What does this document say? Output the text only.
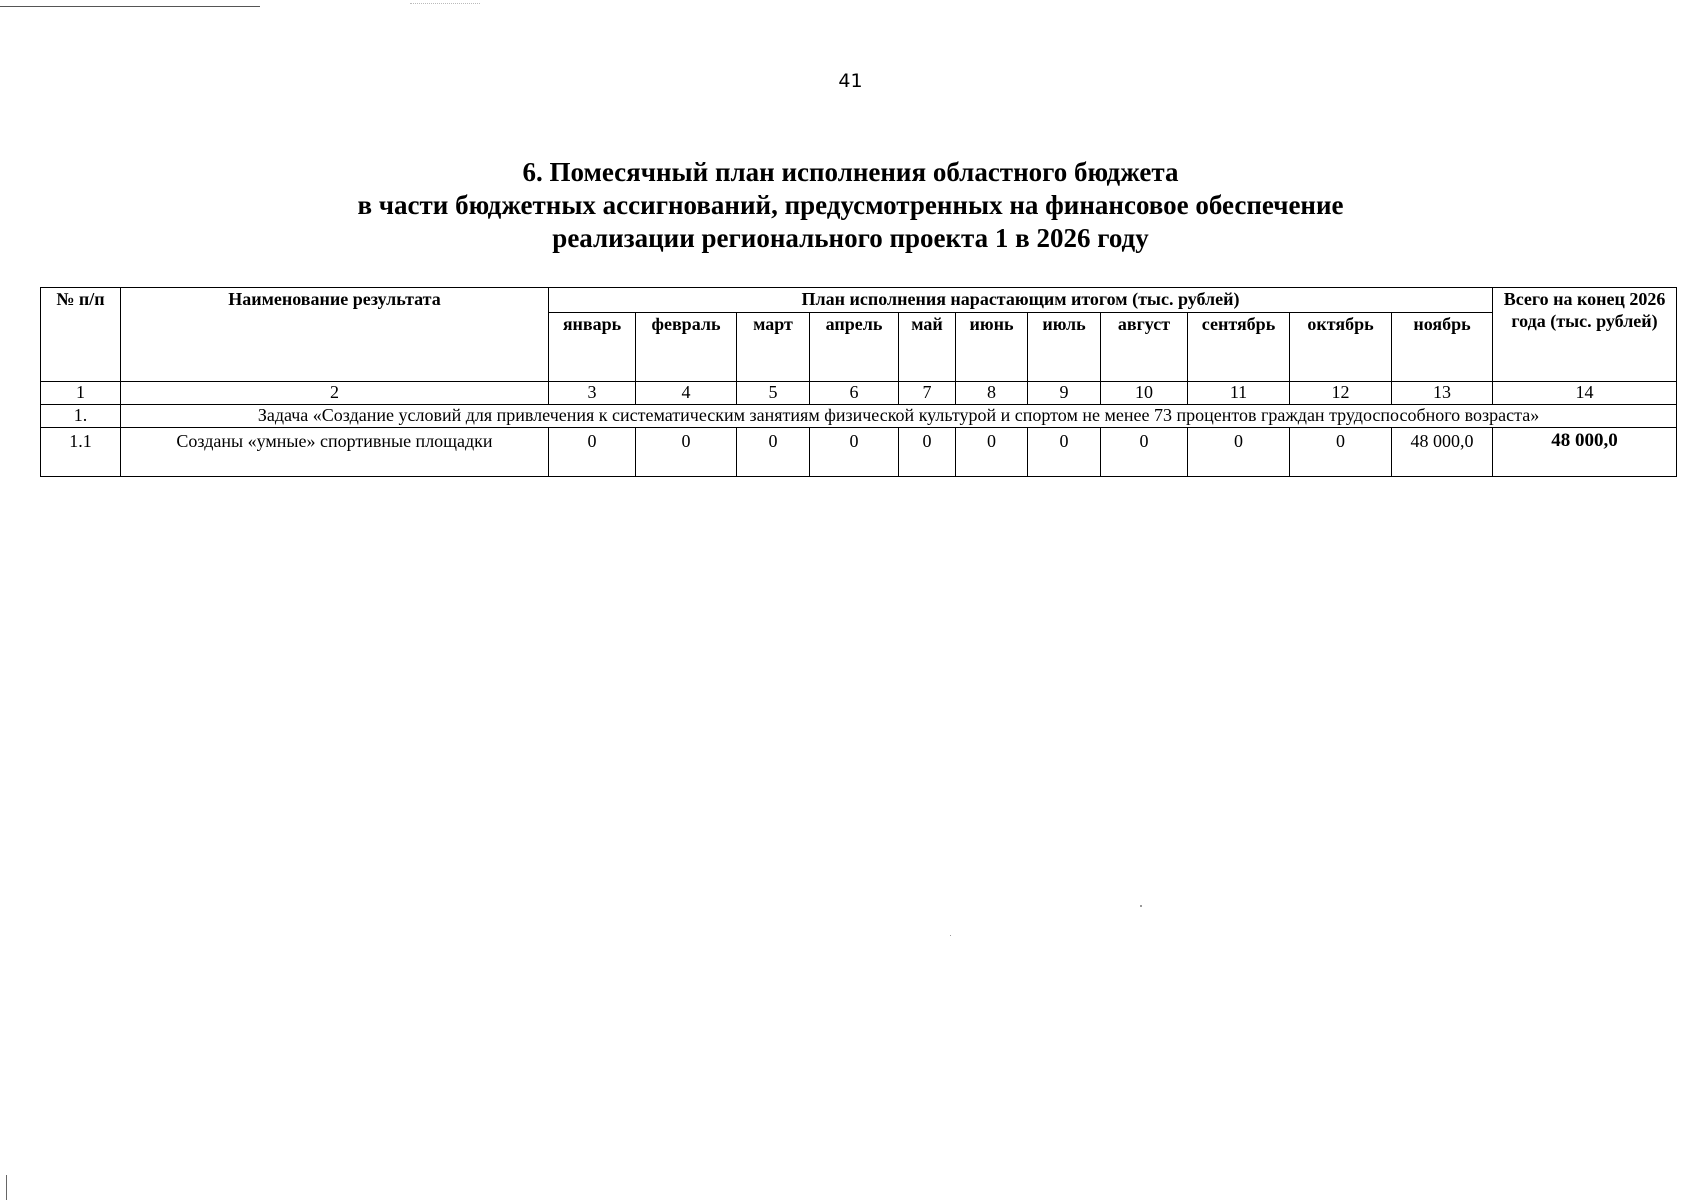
41
6. Помесячный план исполнения областного бюджета
в части бюджетных ассигнований, предусмотренных на финансовое обеспечение
реализации регионального проекта 1 в 2026 году
№ п/п	Наименование результата	План исполнения нарастающим итогом (тыс. рублей)											Всего на конец 2026 года (тыс. рублей)
		январь	февраль	март	апрель	май	июнь	июль	август	сентябрь	октябрь	ноябрь	
1	2	3	4	5	6	7	8	9	10	11	12	13	14
1.	Задача «Создание условий для привлечения к систематическим занятиям физической культурой и спортом не менее 73 процентов граждан трудоспособного возраста»												
1.1	Созданы «умные» спортивные площадки	0	0	0	0	0	0	0	0	0	0	48 000,0	48 000,0
